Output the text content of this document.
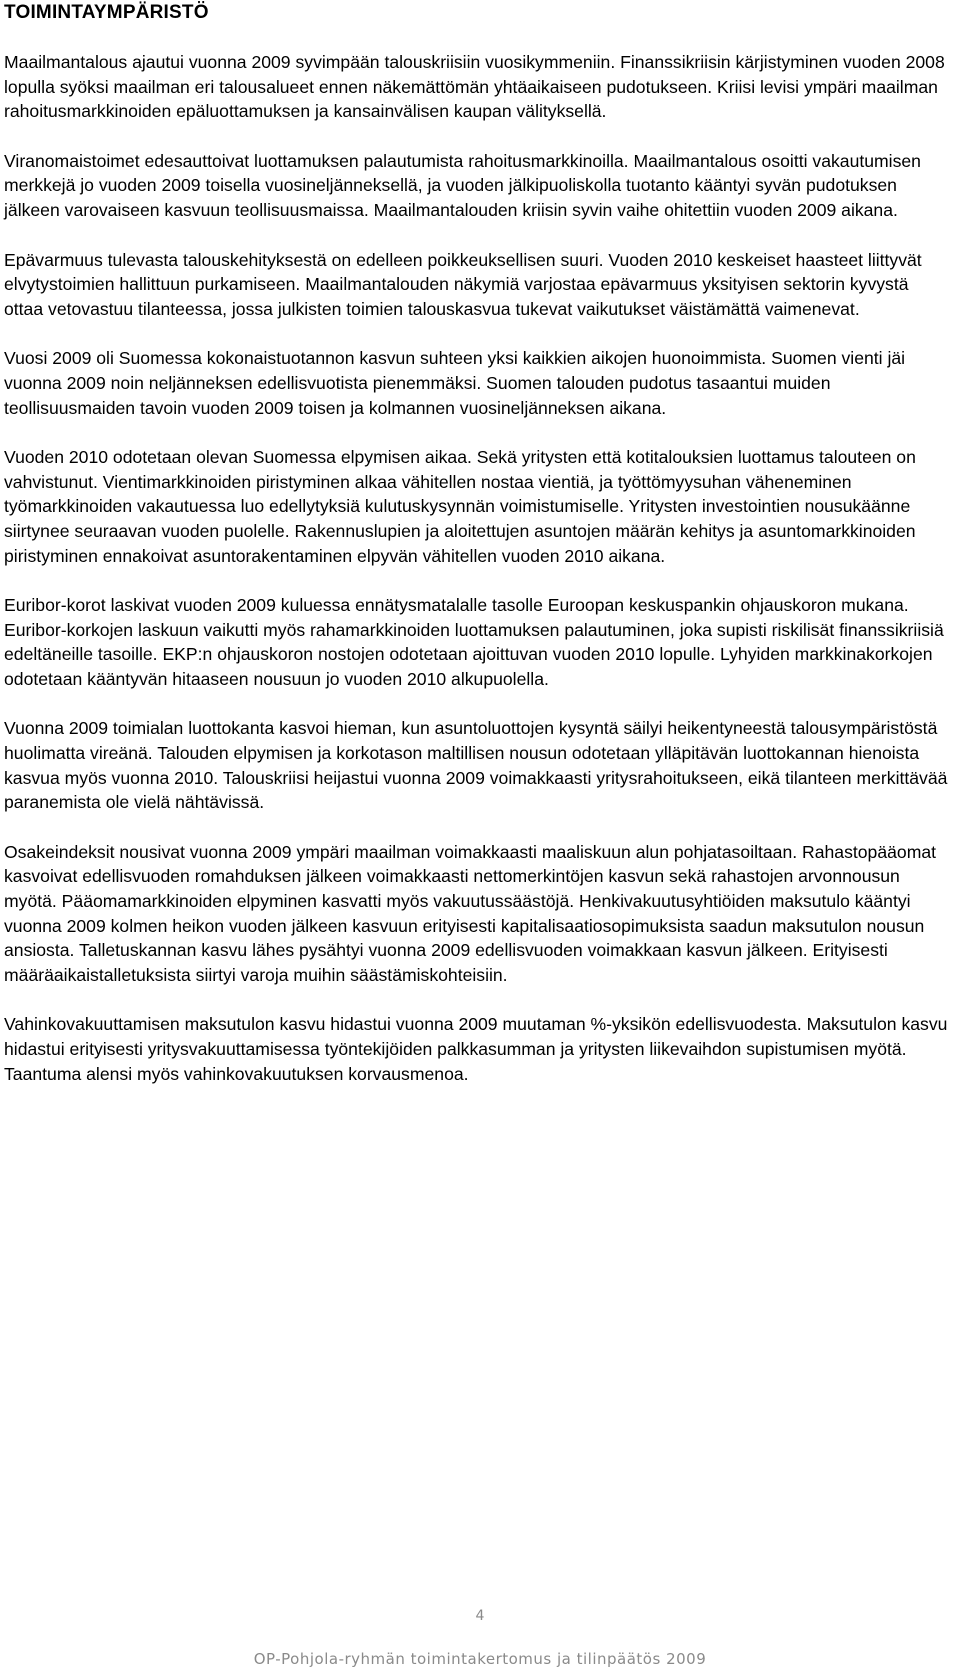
TOIMINTAYMPÄRISTÖ

Maailmantalous ajautui vuonna 2009 syvimpään talouskriisiin vuosikymmeniin. Finanssikriisin kärjistyminen vuoden 2008 lopulla syöksi maailman eri talousalueet ennen näkemättömän yhtäaikaiseen pudotukseen. Kriisi levisi ympäri maailman rahoitusmarkkinoiden epäluottamuksen ja kansainvälisen kaupan välityksellä.

Viranomaistoimet edesauttoivat luottamuksen palautumista rahoitusmarkkinoilla. Maailmantalous osoitti vakautumisen merkkejä jo vuoden 2009 toisella vuosineljänneksellä, ja vuoden jälkipuoliskolla tuotanto kääntyi syvän pudotuksen jälkeen varovaiseen kasvuun teollisuusmaissa. Maailmantalouden kriisin syvin vaihe ohitettiin vuoden 2009 aikana.

Epävarmuus tulevasta talouskehityksestä on edelleen poikkeuksellisen suuri. Vuoden 2010 keskeiset haasteet liittyvät elvytystoimien hallittuun purkamiseen. Maailmantalouden näkymiä varjostaa epävarmuus yksityisen sektorin kyvystä ottaa vetovastuu tilanteessa, jossa julkisten toimien talouskasvua tukevat vaikutukset väistämättä vaimenevat.

Vuosi 2009 oli Suomessa kokonaistuotannon kasvun suhteen yksi kaikkien aikojen huonoimmista. Suomen vienti jäi vuonna 2009 noin neljänneksen edellisvuotista pienemmäksi. Suomen talouden pudotus tasaantui muiden teollisuusmaiden tavoin vuoden 2009 toisen ja kolmannen vuosineljänneksen aikana.

Vuoden 2010 odotetaan olevan Suomessa elpymisen aikaa. Sekä yritysten että kotitalouksien luottamus talouteen on vahvistunut. Vientimarkkinoiden piristyminen alkaa vähitellen nostaa vientiä, ja työttömyysuhan väheneminen työmarkkinoiden vakautuessa luo edellytyksiä kulutuskysynnän voimistumiselle. Yritysten investointien nousukäänne siirtynee seuraavan vuoden puolelle. Rakennuslupien ja aloitettujen asuntojen määrän kehitys ja asuntomarkkinoiden piristyminen ennakoivat asuntorakentaminen elpyvän vähitellen vuoden 2010 aikana.

Euribor-korot laskivat vuoden 2009 kuluessa ennätysmatalalle tasolle Euroopan keskuspankin ohjauskoron mukana. Euribor-korkojen laskuun vaikutti myös rahamarkkinoiden luottamuksen palautuminen, joka supisti riskilisät finanssikriisiä edeltäneille tasoille. EKP:n ohjauskoron nostojen odotetaan ajoittuvan vuoden 2010 lopulle. Lyhyiden markkinakorkojen odotetaan kääntyvän hitaaseen nousuun jo vuoden 2010 alkupuolella.

Vuonna 2009 toimialan luottokanta kasvoi hieman, kun asuntoluottojen kysyntä säilyi heikentyneestä talousympäristöstä huolimatta vireänä. Talouden elpymisen ja korkotason maltillisen nousun odotetaan ylläpitävän luottokannan hienoista kasvua myös vuonna 2010. Talouskriisi heijastui vuonna 2009 voimakkaasti yritysrahoitukseen, eikä tilanteen merkittävää paranemista ole vielä nähtävissä.

Osakeindeksit nousivat vuonna 2009 ympäri maailman voimakkaasti maaliskuun alun pohjatasoiltaan. Rahastopääomat kasvoivat edellisvuoden romahduksen jälkeen voimakkaasti nettomerkintöjen kasvun sekä rahastojen arvonnousun myötä. Pääomamarkkinoiden elpyminen kasvatti myös vakuutussäästöjä. Henkivakuutusyhtiöiden maksutulo kääntyi vuonna 2009 kolmen heikon vuoden jälkeen kasvuun erityisesti kapitalisaatiosopimuksista saadun maksutulon nousun ansiosta. Talletuskannan kasvu lähes pysähtyi vuonna 2009 edellisvuoden voimakkaan kasvun jälkeen. Erityisesti määräaikaistalletuksista siirtyi varoja muihin säästämiskohteisiin.

Vahinkovakuuttamisen maksutulon kasvu hidastui vuonna 2009 muutaman %-yksikön edellisvuodesta. Maksutulon kasvu hidastui erityisesti yritysvakuuttamisessa työntekijöiden palkkasumman ja yritysten liikevaihdon supistumisen myötä. Taantuma alensi myös vahinkovakuutuksen korvausmenoa.

4
OP-Pohjola-ryhmän toimintakertomus ja tilinpäätös 2009
